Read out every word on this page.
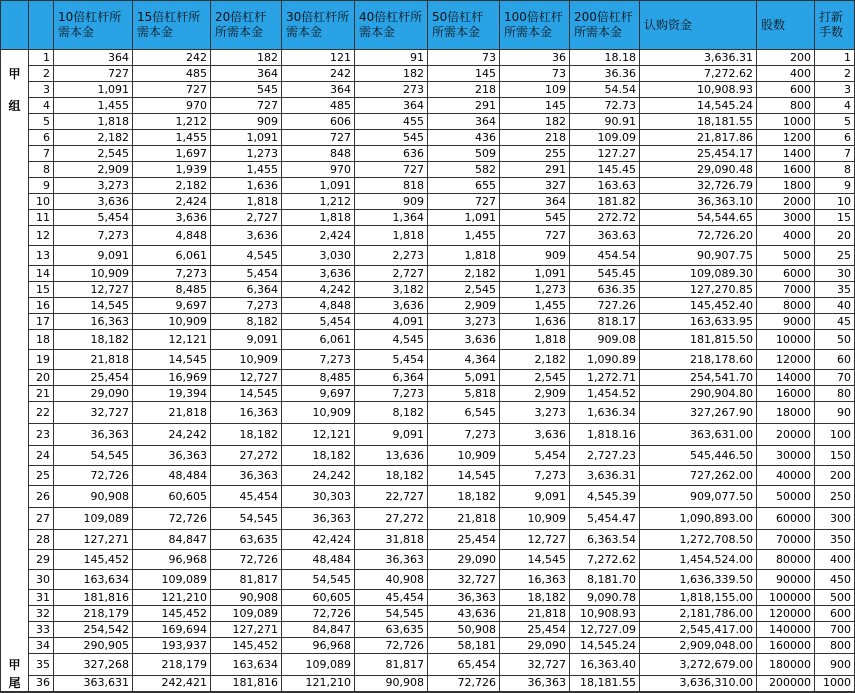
		10倍杠杆所需本金	15倍杠杆所需本金	20倍杠杆所需本金	30倍杠杆所需本金	40倍杠杆所需本金	50倍杠杆所需本金	100倍杠杆所需本金	200倍杠杆所需本金	认购资金	股数	打新手数
	1	364	242	182	121	91	73	36	18.18	3,636.31	200	1
甲	2	727	485	364	242	182	145	73	36.36	7,272.62	400	2
	3	1,091	727	545	364	273	218	109	54.54	10,908.93	600	3
组	4	1,455	970	727	485	364	291	145	72.73	14,545.24	800	4
	5	1,818	1,212	909	606	455	364	182	90.91	18,181.55	1000	5
	6	2,182	1,455	1,091	727	545	436	218	109.09	21,817.86	1200	6
	7	2,545	1,697	1,273	848	636	509	255	127.27	25,454.17	1400	7
	8	2,909	1,939	1,455	970	727	582	291	145.45	29,090.48	1600	8
	9	3,273	2,182	1,636	1,091	818	655	327	163.63	32,726.79	1800	9
	10	3,636	2,424	1,818	1,212	909	727	364	181.82	36,363.10	2000	10
	11	5,454	3,636	2,727	1,818	1,364	1,091	545	272.72	54,544.65	3000	15
	12	7,273	4,848	3,636	2,424	1,818	1,455	727	363.63	72,726.20	4000	20
	13	9,091	6,061	4,545	3,030	2,273	1,818	909	454.54	90,907.75	5000	25
	14	10,909	7,273	5,454	3,636	2,727	2,182	1,091	545.45	109,089.30	6000	30
	15	12,727	8,485	6,364	4,242	3,182	2,545	1,273	636.35	127,270.85	7000	35
	16	14,545	9,697	7,273	4,848	3,636	2,909	1,455	727.26	145,452.40	8000	40
	17	16,363	10,909	8,182	5,454	4,091	3,273	1,636	818.17	163,633.95	9000	45
	18	18,182	12,121	9,091	6,061	4,545	3,636	1,818	909.08	181,815.50	10000	50
	19	21,818	14,545	10,909	7,273	5,454	4,364	2,182	1,090.89	218,178.60	12000	60
	20	25,454	16,969	12,727	8,485	6,364	5,091	2,545	1,272.71	254,541.70	14000	70
	21	29,090	19,394	14,545	9,697	7,273	5,818	2,909	1,454.52	290,904.80	16000	80
	22	32,727	21,818	16,363	10,909	8,182	6,545	3,273	1,636.34	327,267.90	18000	90
	23	36,363	24,242	18,182	12,121	9,091	7,273	3,636	1,818.16	363,631.00	20000	100
	24	54,545	36,363	27,272	18,182	13,636	10,909	5,454	2,727.23	545,446.50	30000	150
	25	72,726	48,484	36,363	24,242	18,182	14,545	7,273	3,636.31	727,262.00	40000	200
	26	90,908	60,605	45,454	30,303	22,727	18,182	9,091	4,545.39	909,077.50	50000	250
	27	109,089	72,726	54,545	36,363	27,272	21,818	10,909	5,454.47	1,090,893.00	60000	300
	28	127,271	84,847	63,635	42,424	31,818	25,454	12,727	6,363.54	1,272,708.50	70000	350
	29	145,452	96,968	72,726	48,484	36,363	29,090	14,545	7,272.62	1,454,524.00	80000	400
	30	163,634	109,089	81,817	54,545	40,908	32,727	16,363	8,181.70	1,636,339.50	90000	450
	31	181,816	121,210	90,908	60,605	45,454	36,363	18,182	9,090.78	1,818,155.00	100000	500
	32	218,179	145,452	109,089	72,726	54,545	43,636	21,818	10,908.93	2,181,786.00	120000	600
	33	254,542	169,694	127,271	84,847	63,635	50,908	25,454	12,727.09	2,545,417.00	140000	700
	34	290,905	193,937	145,452	96,968	72,726	58,181	29,090	14,545.24	2,909,048.00	160000	800
甲	35	327,268	218,179	163,634	109,089	81,817	65,454	32,727	16,363.40	3,272,679.00	180000	900
尾	36	363,631	242,421	181,816	121,210	90,908	72,726	36,363	18,181.55	3,636,310.00	200000	1000
